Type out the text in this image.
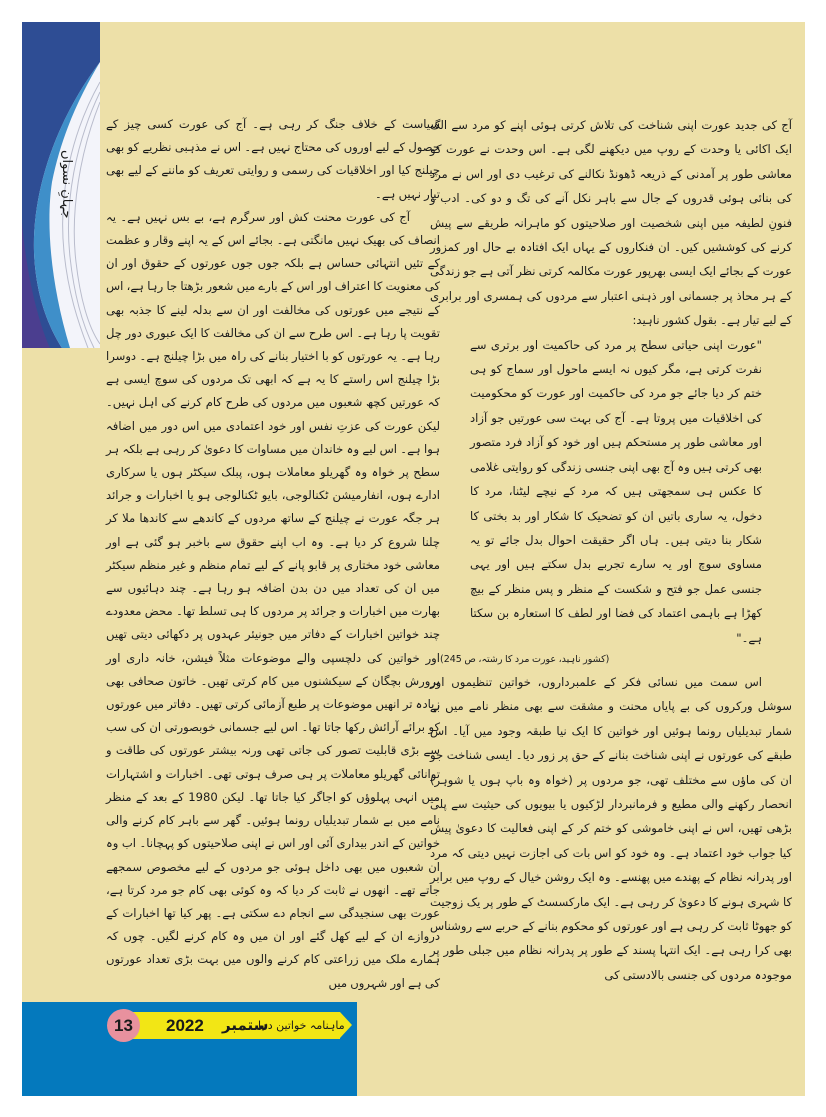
جہانِ نسواں

آج کی جدید عورت اپنی شناخت کی تلاش کرتی ہوئی اپنے کو مرد سے الگ ایک اکائی یا وحدت کے روپ میں دیکھنے لگی ہے۔ اس وحدت نے عورت کو معاشی طور پر آمدنی کے ذریعہ ڈھونڈ نکالنے کی ترغیب دی اور اس نے مرد کی بنائی ہوئی قدروں کے جال سے باہر نکل آنے کی تگ و دو کی۔ ادب و فنونِ لطیفہ میں اپنی شخصیت اور صلاحیتوں کو ماہرانہ طریقے سے پیش کرنے کی کوششیں کیں۔ ان فنکاروں کے یہاں ایک افتادہ بے حال اور کمزور عورت کے بجائے ایک ایسی بھرپور عورت مکالمہ کرتی نظر آتی ہے جو زندگی کے ہر محاذ پر جسمانی اور ذہنی اعتبار سے مردوں کی ہمسری اور برابری کے لیے تیار ہے۔ بقول کشور ناہید:

"عورت اپنی حیاتی سطح پر مرد کی حاکمیت اور برتری سے نفرت کرتی ہے، مگر کیوں نہ ایسے ماحول اور سماج کو ہی ختم کر دیا جائے جو مرد کی حاکمیت اور عورت کو محکومیت کی اخلاقیات میں پروتا ہے۔ آج کی بہت سی عورتیں جو آزاد اور معاشی طور پر مستحکم ہیں اور خود کو آزاد فرد متصور بھی کرتی ہیں وہ آج بھی اپنی جنسی زندگی کو روایتی غلامی کا عکس ہی سمجھتی ہیں کہ مرد کے نیچے لیٹنا، مرد کا دخول، یہ ساری باتیں ان کو تضحیک کا شکار اور بد بختی کا شکار بنا دیتی ہیں۔ ہاں اگر حقیقت احوال بدل جائے تو یہ مساوی سوچ اور یہ سارے تجربے بدل سکتے ہیں اور یہی جنسی عمل جو فتح و شکست کے منظر و پس منظر کے بیچ کھڑا ہے باہمی اعتماد کی فضا اور لطف کا استعارہ بن سکتا ہے۔"

(کشور ناہید، عورت مرد کا رشتہ، ص 245)

اس سمت میں نسائی فکر کے علمبرداروں، خواتین تنظیموں اور سوشل ورکروں کی بے پایاں محنت و مشقت سے بھی منظر نامے میں بے شمار تبدیلیاں رونما ہوئیں اور خواتین کا ایک نیا طبقہ وجود میں آیا۔ اس طبقے کی عورتوں نے اپنی شناخت بنانے کے حق پر زور دیا۔ ایسی شناخت جو ان کی ماؤں سے مختلف تھی، جو مردوں پر (خواہ وہ باپ ہوں یا شوہر) انحصار رکھنے والی مطیع و فرمانبردار لڑکیوں یا بیویوں کی حیثیت سے پلی بڑھی تھیں، اس نے اپنی خاموشی کو ختم کر کے اپنی فعالیت کا دعویٰ پیش کیا جواب خود اعتماد ہے۔ وہ خود کو اس بات کی اجازت نہیں دیتی کہ مرد اور پدرانہ نظام کے پھندے میں پھنسے۔ وہ ایک روشن خیال کے روپ میں برابر کا شہری ہونے کا دعویٰ کر رہی ہے۔ ایک مارکسسٹ کے طور پر یک زوجیت کو جھوٹا ثابت کر رہی ہے اور عورتوں کو محکوم بنانے کے حربے سے روشناس بھی کرا رہی ہے۔ ایک انتہا پسند کے طور پر پدرانہ نظام میں جبلی طور پر موجودہ مردوں کی جنسی بالادستی کی

سیاست کے خلاف جنگ کر رہی ہے۔ آج کی عورت کسی چیز کے حصول کے لیے اوروں کی محتاج نہیں ہے۔ اس نے مذہبی نظریے کو بھی چیلنج کیا اور اخلاقیات کی رسمی و روایتی تعریف کو ماننے کے لیے بھی تیار نہیں ہے۔

آج کی عورت محنت کش اور سرگرم ہے، بے بس نہیں ہے۔ یہ انصاف کی بھیک نہیں مانگتی ہے۔ بجائے اس کے یہ اپنے وقار و عظمت کے تئیں انتہائی حساس ہے بلکہ جوں جوں عورتوں کے حقوق اور ان کی معنویت کا اعتراف اور اس کے بارے میں شعور بڑھتا جا رہا ہے، اس کے نتیجے میں عورتوں کی مخالفت اور ان سے بدلہ لینے کا جذبہ بھی تقویت پا رہا ہے۔ اس طرح سے ان کی مخالفت کا ایک عبوری دور چل رہا ہے۔ یہ عورتوں کو با اختیار بنانے کی راہ میں بڑا چیلنج ہے۔ دوسرا بڑا چیلنج اس راستے کا یہ ہے کہ ابھی تک مردوں کی سوچ ایسی ہے کہ عورتیں کچھ شعبوں میں مردوں کی طرح کام کرنے کی اہل نہیں۔ لیکن عورت کی عزتِ نفس اور خود اعتمادی میں اس دور میں اضافہ ہوا ہے۔ اس لیے وہ خاندان میں مساوات کا دعویٰ کر رہی ہے بلکہ ہر سطح پر خواہ وہ گھریلو معاملات ہوں، پبلک سیکٹر ہوں یا سرکاری ادارے ہوں، انفارمیشن ٹکنالوجی، بایو ٹکنالوجی ہو یا اخبارات و جرائد ہر جگہ عورت نے چیلنج کے ساتھ مردوں کے کاندھے سے کاندھا ملا کر چلنا شروع کر دیا ہے۔ وہ اب اپنے حقوق سے باخبر ہو گئی ہے اور معاشی خود مختاری پر قابو پانے کے لیے تمام منظم و غیر منظم سیکٹر میں ان کی تعداد میں دن بدن اضافہ ہو رہا ہے۔ چند دہائیوں سے بھارت میں اخبارات و جرائد پر مردوں کا ہی تسلط تھا۔ محض معدودے چند خواتین اخبارات کے دفاتر میں جونیئر عہدوں پر دکھائی دیتی تھیں اور خواتین کی دلچسپی والے موضوعات مثلاً فیشن، خانہ داری اور پرورش بچگان کے سیکشنوں میں کام کرتی تھیں۔ خاتون صحافی بھی زیادہ تر انھیں موضوعات پر طبع آزمائی کرتی تھیں۔ دفاتر میں عورتوں کو برائے آرائش رکھا جاتا تھا۔ اس لیے جسمانی خوبصورتی ان کی سب سے بڑی قابلیت تصور کی جاتی تھی ورنہ بیشتر عورتوں کی طاقت و توانائی گھریلو معاملات پر ہی صرف ہوتی تھی۔ اخبارات و اشتہارات میں انہی پہلوؤں کو اجاگر کیا جاتا تھا۔ لیکن 1980 کے بعد کے منظر نامے میں بے شمار تبدیلیاں رونما ہوئیں۔ گھر سے باہر کام کرنے والی خواتین کے اندر بیداری آئی اور اس نے اپنی صلاحیتوں کو پہچانا۔ اب وہ ان شعبوں میں بھی داخل ہوئی جو مردوں کے لیے مخصوص سمجھے جاتے تھے۔ انھوں نے ثابت کر دیا کہ وہ کوئی بھی کام جو مرد کرتا ہے، عورت بھی سنجیدگی سے انجام دے سکتی ہے۔ پھر کیا تھا اخبارات کے دروازے ان کے لیے کھل گئے اور ان میں وہ کام کرنے لگیں۔ چوں کہ ہمارے ملک میں زراعتی کام کرنے والوں میں بہت بڑی تعداد عورتوں کی ہے اور شہروں میں

13	2022 ستمبر
ماہنامہ خواتین دنیا
